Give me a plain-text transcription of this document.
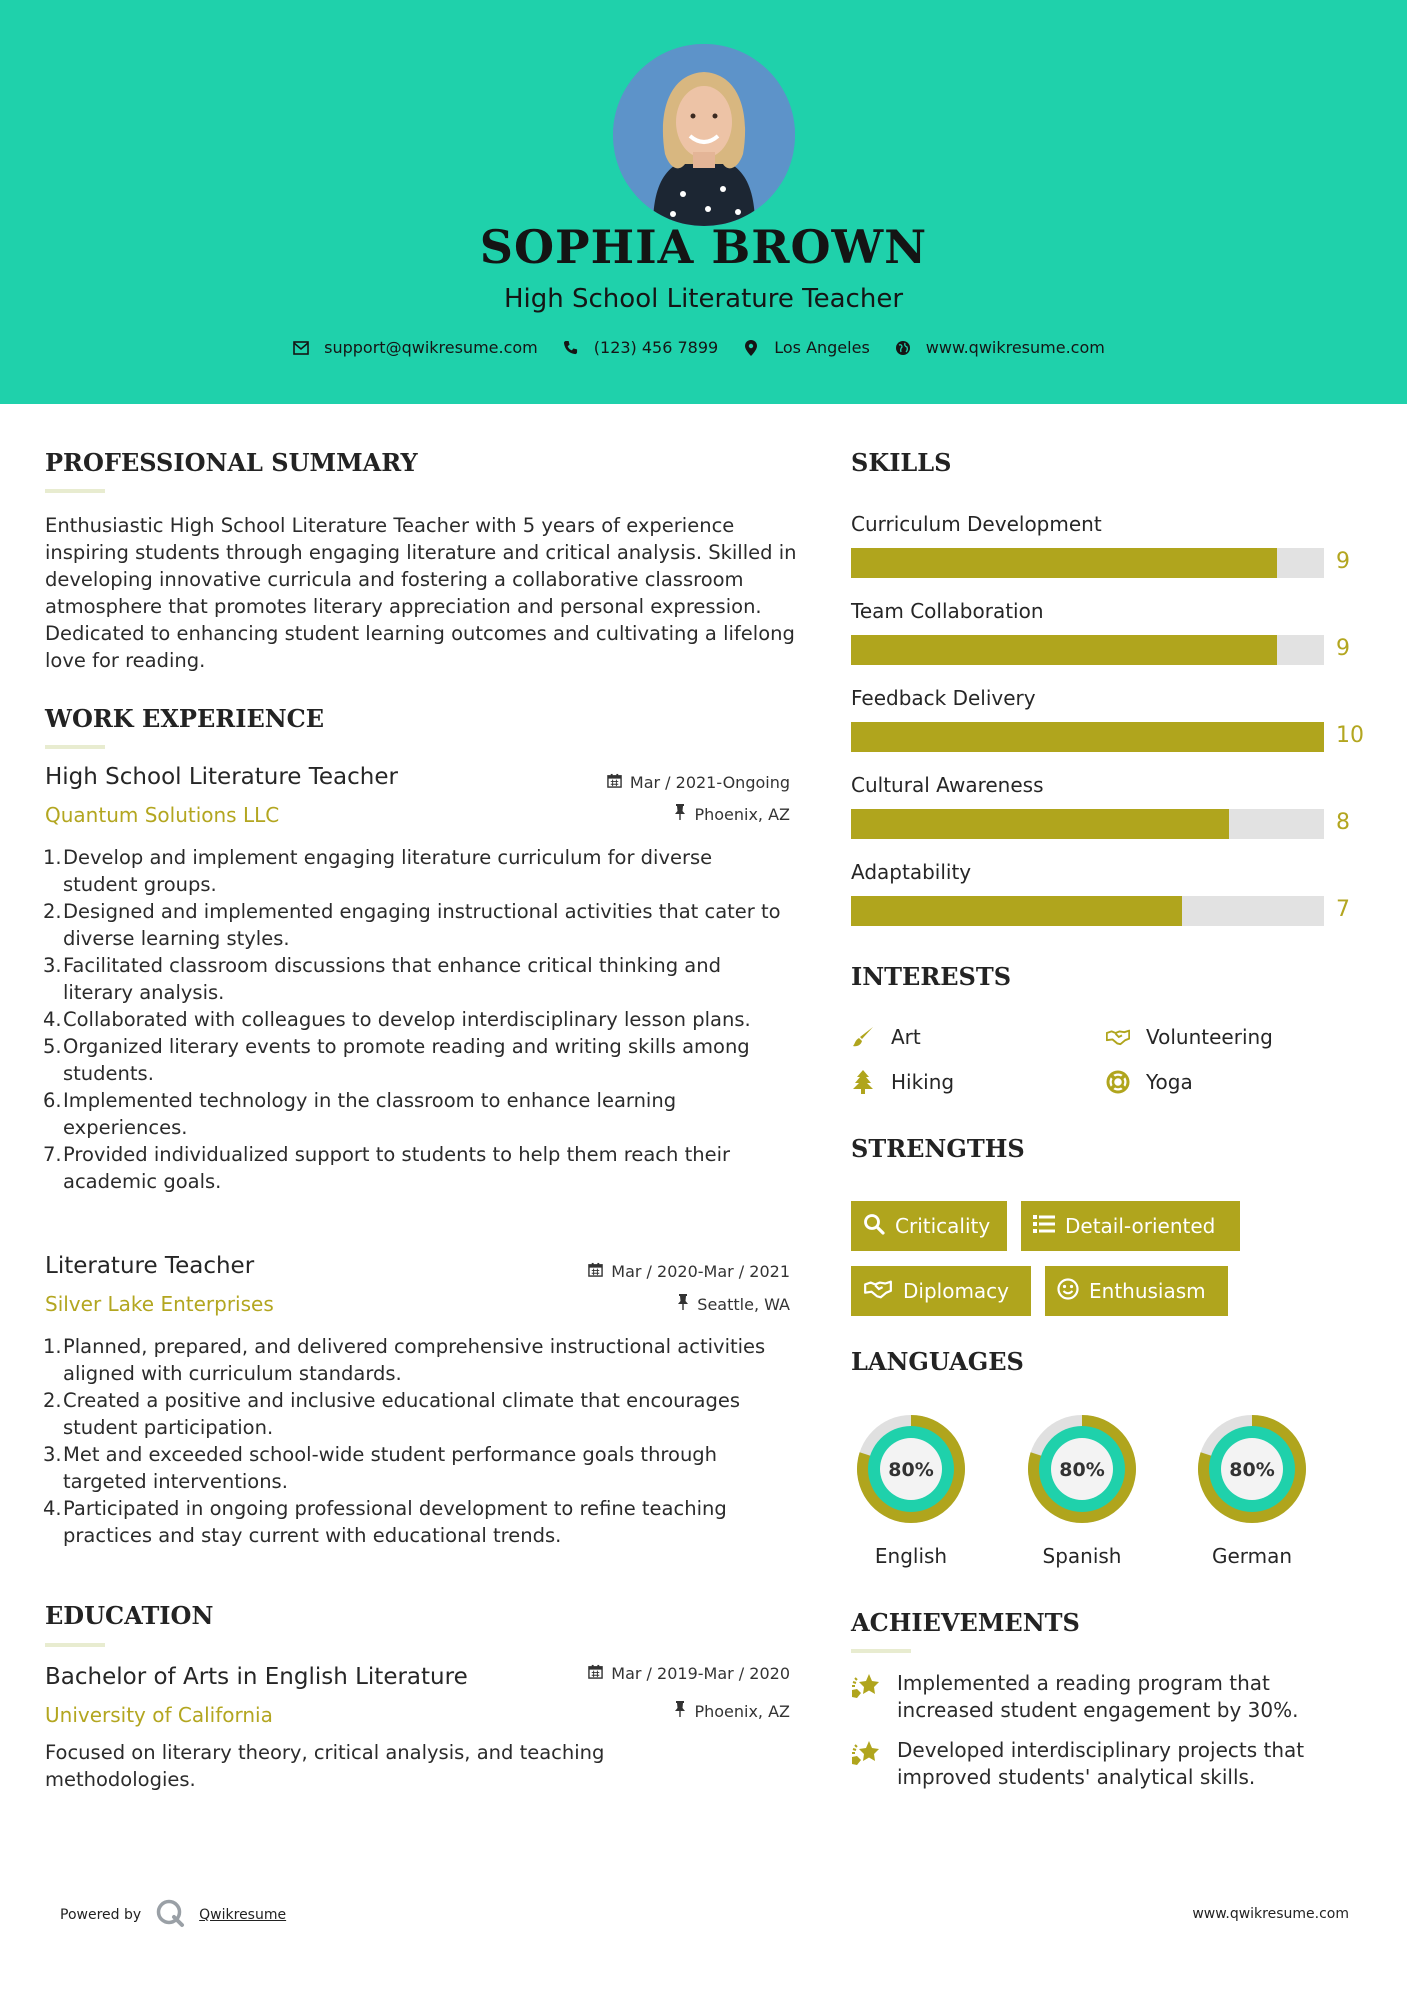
SOPHIA BROWN
High School Literature Teacher
support@qwikresume.com	(123) 456 7899	Los Angeles	www.qwikresume.com
PROFESSIONAL SUMMARY
Enthusiastic High School Literature Teacher with 5 years of experience inspiring students through engaging literature and critical analysis. Skilled in developing innovative curricula and fostering a collaborative classroom atmosphere that promotes literary appreciation and personal expression. Dedicated to enhancing student learning outcomes and cultivating a lifelong love for reading.
WORK EXPERIENCE
High School Literature Teacher
Quantum Solutions LLC
Mar / 2021-Ongoing
Phoenix, AZ
1. Develop and implement engaging literature curriculum for diverse student groups.
2. Designed and implemented engaging instructional activities that cater to diverse learning styles.
3. Facilitated classroom discussions that enhance critical thinking and literary analysis.
4. Collaborated with colleagues to develop interdisciplinary lesson plans.
5. Organized literary events to promote reading and writing skills among students.
6. Implemented technology in the classroom to enhance learning experiences.
7. Provided individualized support to students to help them reach their academic goals.
Literature Teacher
Silver Lake Enterprises
Mar / 2020-Mar / 2021
Seattle, WA
1. Planned, prepared, and delivered comprehensive instructional activities aligned with curriculum standards.
2. Created a positive and inclusive educational climate that encourages student participation.
3. Met and exceeded school-wide student performance goals through targeted interventions.
4. Participated in ongoing professional development to refine teaching practices and stay current with educational trends.
EDUCATION
Bachelor of Arts in English Literature
University of California
Mar / 2019-Mar / 2020
Phoenix, AZ
Focused on literary theory, critical analysis, and teaching methodologies.
SKILLS
Curriculum Development
9
Team Collaboration
9
Feedback Delivery
10
Cultural Awareness
8
Adaptability
7
INTERESTS
Art	Volunteering
Hiking	Yoga
STRENGTHS
Criticality	Detail-oriented
Diplomacy	Enthusiasm
LANGUAGES
80%
English
80%
Spanish
80%
German
ACHIEVEMENTS
Implemented a reading program that increased student engagement by 30%.
Developed interdisciplinary projects that improved students' analytical skills.
Powered by	Qwikresume	www.qwikresume.com
